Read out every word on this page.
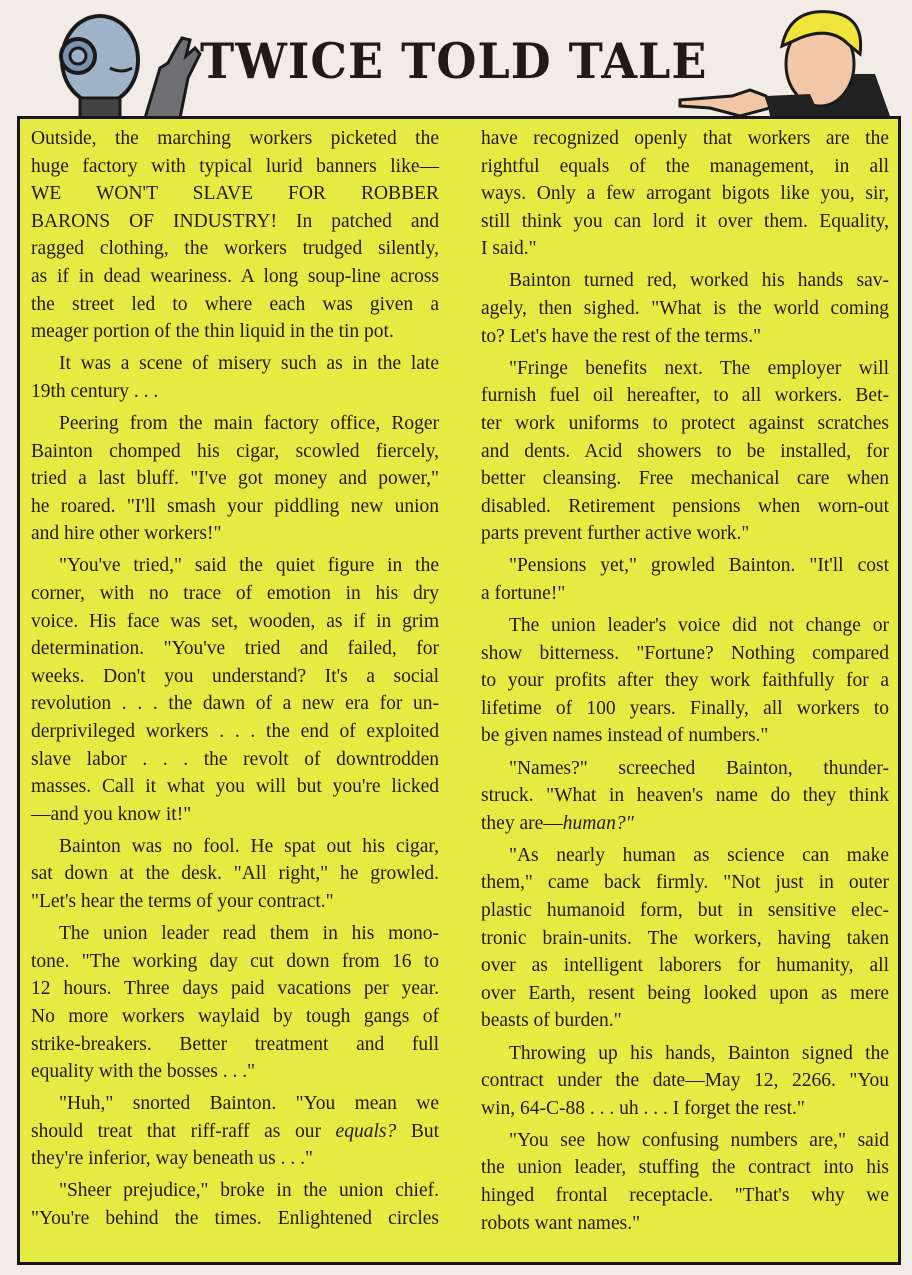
TWICE TOLD TALE
Outside, the marching workers picketed the
huge factory with typical lurid banners like—
WE WON'T SLAVE FOR ROBBER
BARONS OF INDUSTRY! In patched and
ragged clothing, the workers trudged silently,
as if in dead weariness. A long soup-line across
the street led to where each was given a
meager portion of the thin liquid in the tin pot.
It was a scene of misery such as in the late
19th century . . .
Peering from the main factory office, Roger
Bainton chomped his cigar, scowled fiercely,
tried a last bluff. "I've got money and power,"
he roared. "I'll smash your piddling new union
and hire other workers!"
"You've tried," said the quiet figure in the
corner, with no trace of emotion in his dry
voice. His face was set, wooden, as if in grim
determination. "You've tried and failed, for
weeks. Don't you understand? It's a social
revolution . . . the dawn of a new era for un-
derprivileged workers . . . the end of exploited
slave labor . . . the revolt of downtrodden
masses. Call it what you will but you're licked
—and you know it!"
Bainton was no fool. He spat out his cigar,
sat down at the desk. "All right," he growled.
"Let's hear the terms of your contract."
The union leader read them in his mono-
tone. "The working day cut down from 16 to
12 hours. Three days paid vacations per year.
No more workers waylaid by tough gangs of
strike-breakers. Better treatment and full
equality with the bosses . . ."
"Huh," snorted Bainton. "You mean we
should treat that riff-raff as our equals? But
they're inferior, way beneath us . . ."
"Sheer prejudice," broke in the union chief.
"You're behind the times. Enlightened circles
have recognized openly that workers are the
rightful equals of the management, in all
ways. Only a few arrogant bigots like you, sir,
still think you can lord it over them. Equality,
I said."
Bainton turned red, worked his hands sav-
agely, then sighed. "What is the world coming
to? Let's have the rest of the terms."
"Fringe benefits next. The employer will
furnish fuel oil hereafter, to all workers. Bet-
ter work uniforms to protect against scratches
and dents. Acid showers to be installed, for
better cleansing. Free mechanical care when
disabled. Retirement pensions when worn-out
parts prevent further active work."
"Pensions yet," growled Bainton. "It'll cost
a fortune!"
The union leader's voice did not change or
show bitterness. "Fortune? Nothing compared
to your profits after they work faithfully for a
lifetime of 100 years. Finally, all workers to
be given names instead of numbers."
"Names?" screeched Bainton, thunder-
struck. "What in heaven's name do they think
they are—human?"
"As nearly human as science can make
them," came back firmly. "Not just in outer
plastic humanoid form, but in sensitive elec-
tronic brain-units. The workers, having taken
over as intelligent laborers for humanity, all
over Earth, resent being looked upon as mere
beasts of burden."
Throwing up his hands, Bainton signed the
contract under the date—May 12, 2266. "You
win, 64-C-88 . . . uh . . . I forget the rest."
"You see how confusing numbers are," said
the union leader, stuffing the contract into his
hinged frontal receptacle. "That's why we
robots want names."
